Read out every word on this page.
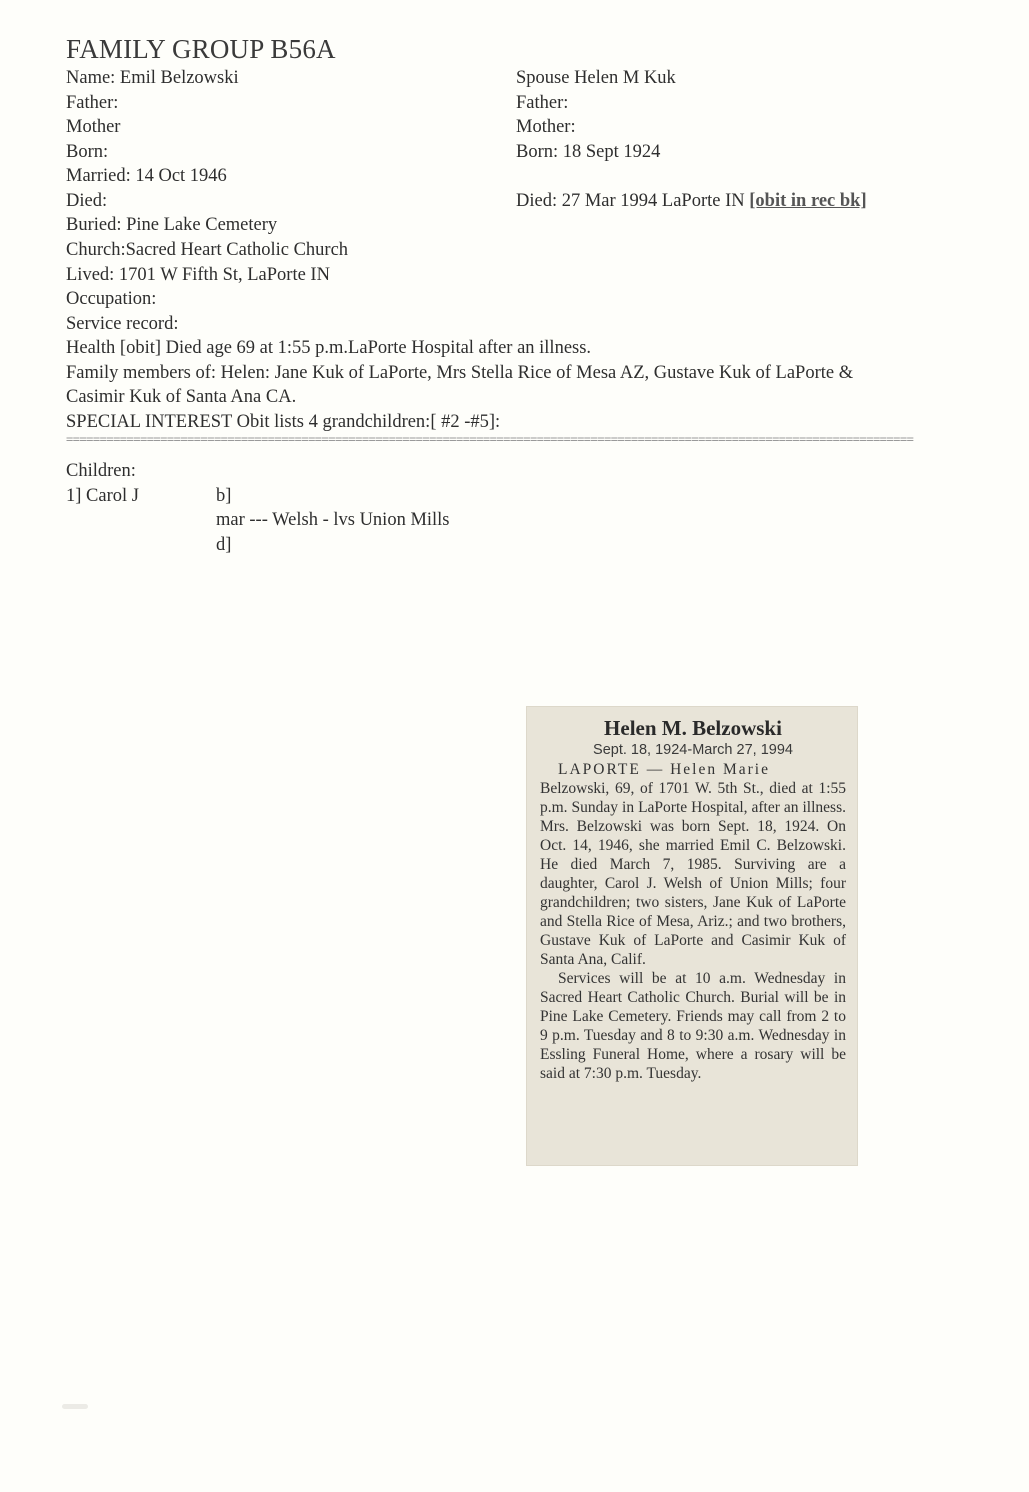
FAMILY GROUP B56A
Name: Emil Belzowski	Spouse Helen M Kuk
Father:	Father:
Mother	Mother:
Born:	Born: 18 Sept 1924
Married: 14 Oct 1946
Died:	Died: 27 Mar 1994 LaPorte IN [obit in rec bk]
Buried: Pine Lake Cemetery
Church:Sacred Heart Catholic Church
Lived: 1701 W Fifth St, LaPorte IN
Occupation:
Service record:
Health [obit] Died age 69 at 1:55 p.m.LaPorte Hospital after an illness.
Family members of: Helen: Jane Kuk of LaPorte, Mrs Stella Rice of Mesa AZ, Gustave Kuk of LaPorte &
Casimir Kuk of Santa Ana CA.
SPECIAL INTEREST Obit lists 4 grandchildren:[ #2 -#5]:
==============================================================================================================================
Children:
1] Carol J	b]
mar --- Welsh - lvs Union Mills
d]
Helen M. Belzowski
Sept. 18, 1924-March 27, 1994

LAPORTE — Helen Marie

Belzowski, 69, of 1701 W. 5th St., died at 1:55 p.m. Sunday in LaPorte Hospital, after an illness. Mrs. Belzowski was born Sept. 18, 1924. On Oct. 14, 1946, she married Emil C. Belzowski. He died March 7, 1985. Surviving are a daughter, Carol J. Welsh of Union Mills; four grandchildren; two sisters, Jane Kuk of LaPorte and Stella Rice of Mesa, Ariz.; and two brothers, Gustave Kuk of LaPorte and Casimir Kuk of Santa Ana, Calif.

Services will be at 10 a.m. Wednesday in Sacred Heart Catholic Church. Burial will be in Pine Lake Cemetery. Friends may call from 2 to 9 p.m. Tuesday and 8 to 9:30 a.m. Wednesday in Essling Funeral Home, where a rosary will be said at 7:30 p.m. Tuesday.
